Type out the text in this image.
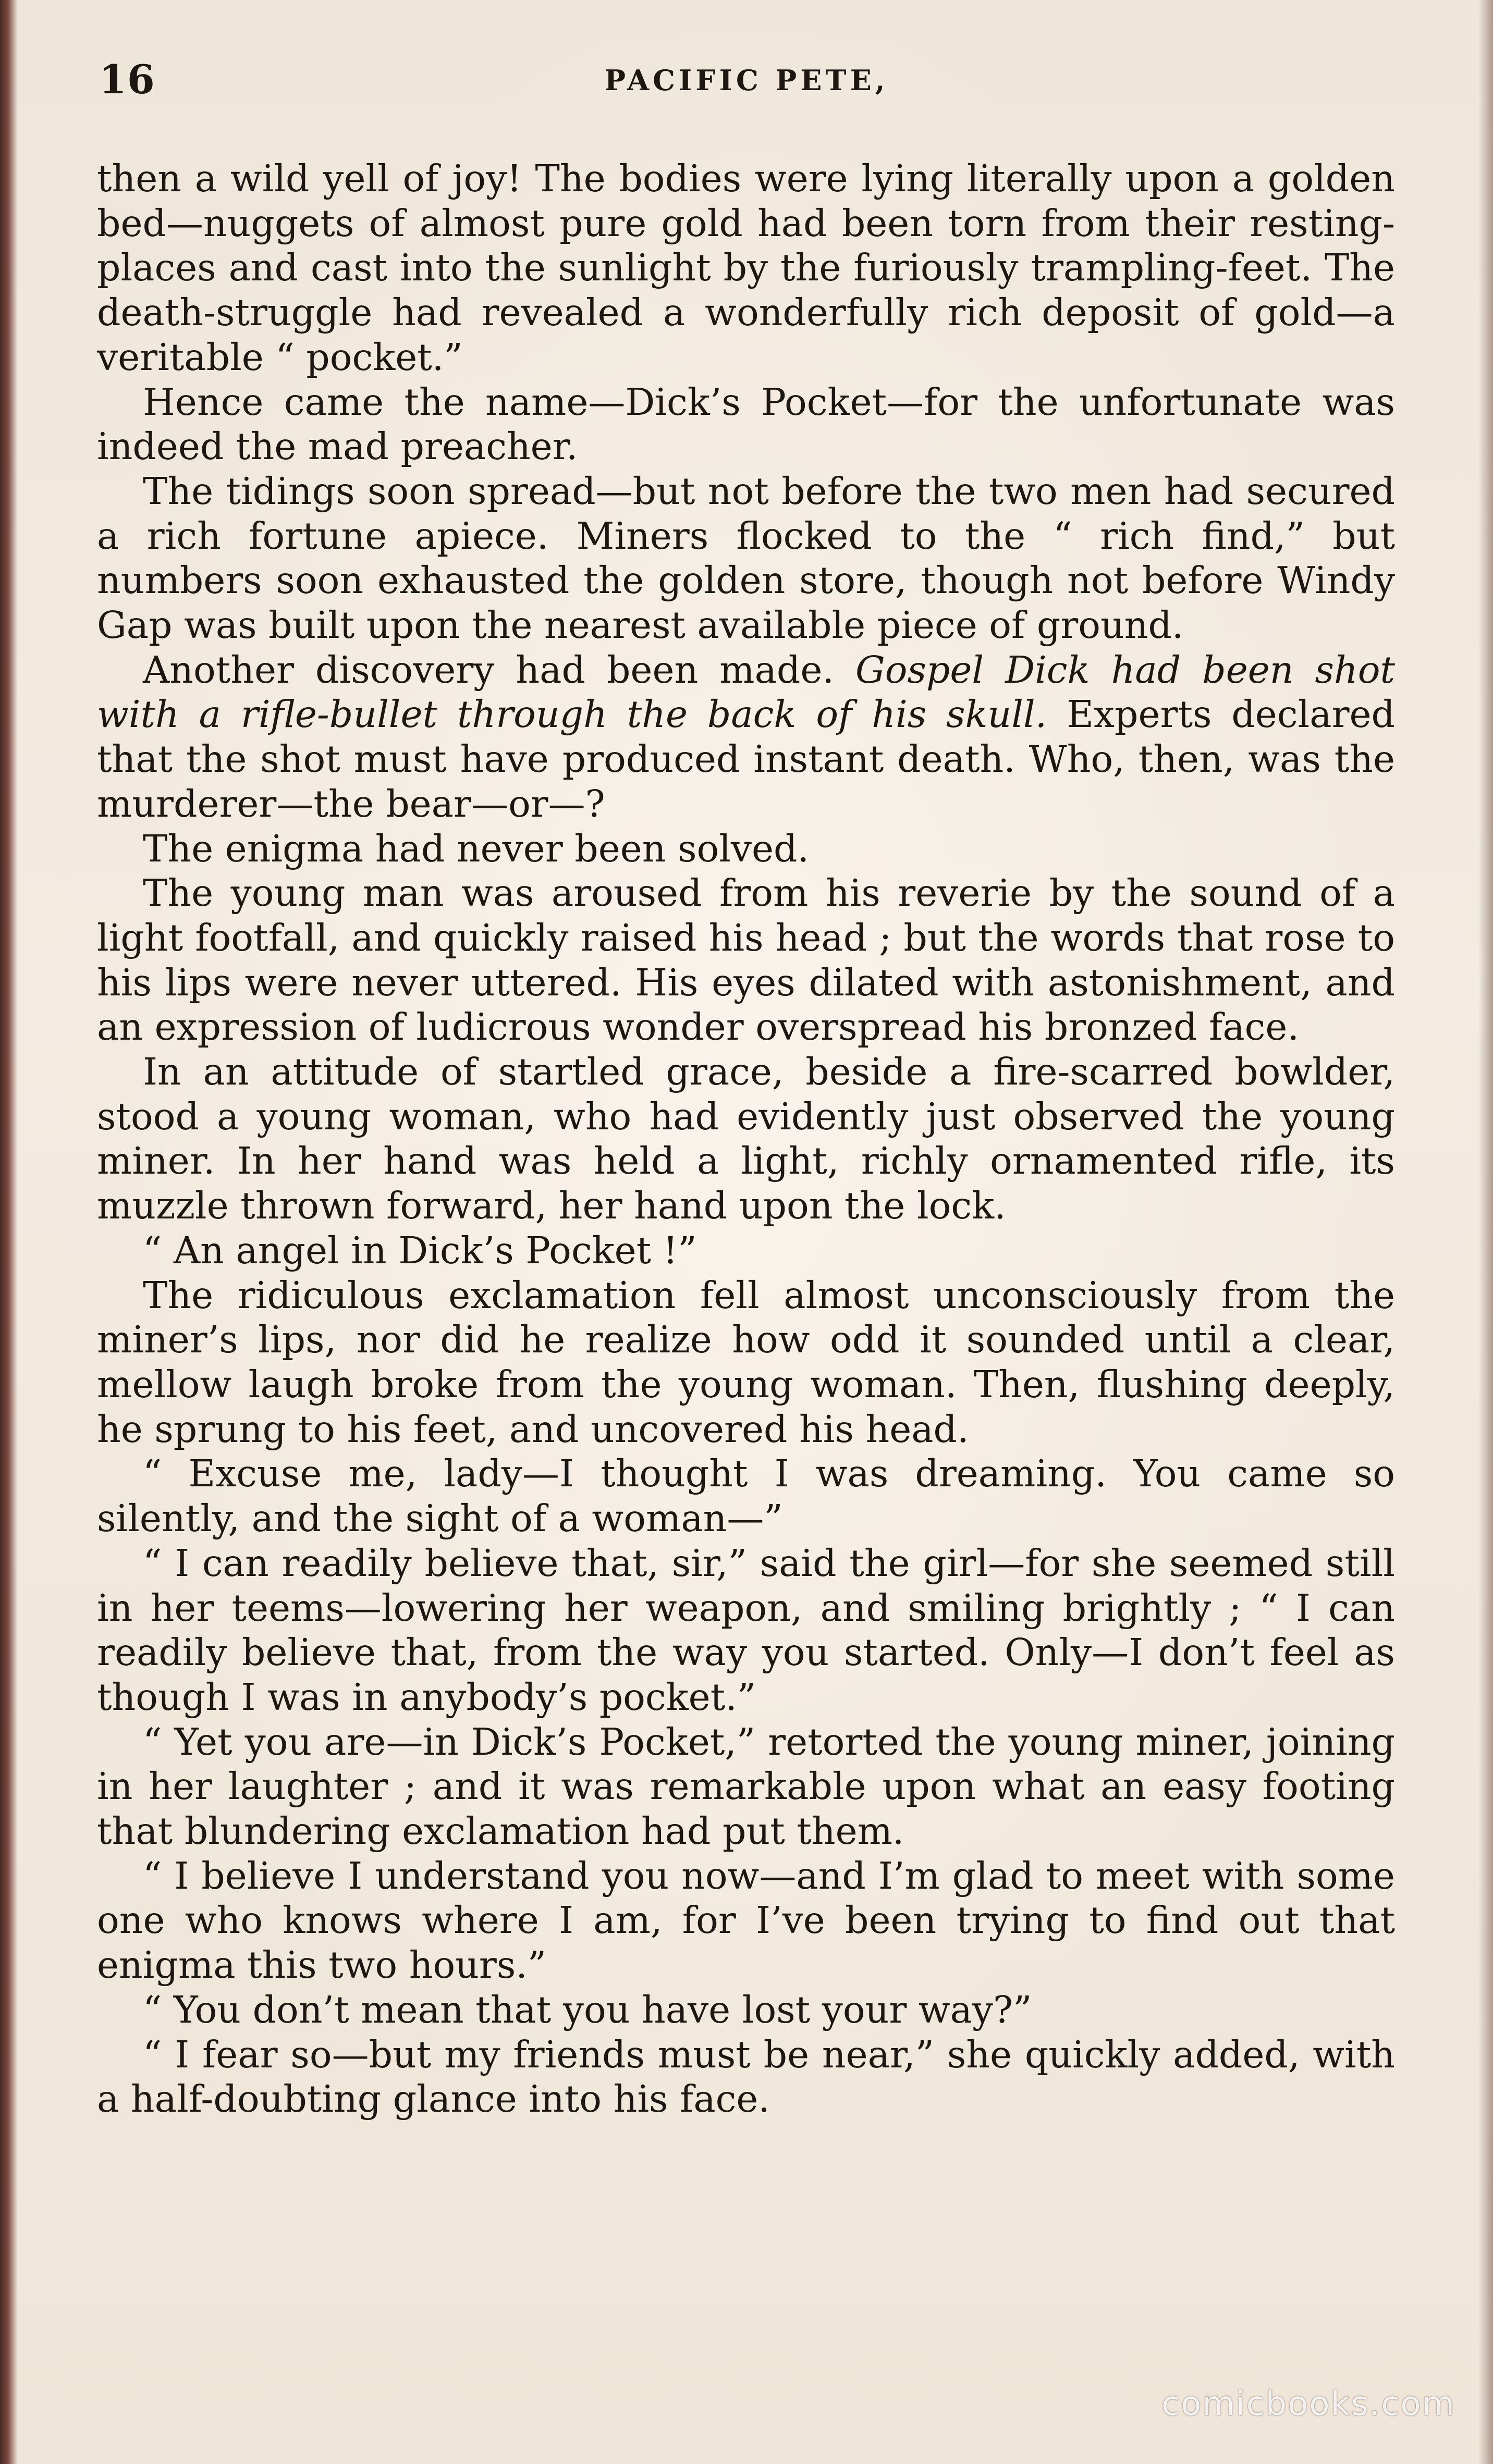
16	PACIFIC PETE,

then a wild yell of joy! The bodies were lying literally upon a golden bed—nuggets of almost pure gold had been torn from their resting-places and cast into the sunlight by the furiously trampling-feet. The death-struggle had revealed a wonderfully rich deposit of gold—a veritable “ pocket.”

Hence came the name—Dick’s Pocket—for the unfortunate was indeed the mad preacher.

The tidings soon spread—but not before the two men had secured a rich fortune apiece. Miners flocked to the “ rich find,” but numbers soon exhausted the golden store, though not before Windy Gap was built upon the nearest available piece of ground.

Another discovery had been made. Gospel Dick had been shot with a rifle-bullet through the back of his skull. Experts declared that the shot must have produced instant death. Who, then, was the murderer—the bear—or—?

The enigma had never been solved.

The young man was aroused from his reverie by the sound of a light footfall, and quickly raised his head ; but the words that rose to his lips were never uttered. His eyes dilated with astonishment, and an expression of ludicrous wonder overspread his bronzed face.

In an attitude of startled grace, beside a fire-scarred bowlder, stood a young woman, who had evidently just observed the young miner. In her hand was held a light, richly ornamented rifle, its muzzle thrown forward, her hand upon the lock.

“ An angel in Dick’s Pocket !”

The ridiculous exclamation fell almost unconsciously from the miner’s lips, nor did he realize how odd it sounded until a clear, mellow laugh broke from the young woman. Then, flushing deeply, he sprung to his feet, and uncovered his head.

“ Excuse me, lady—I thought I was dreaming. You came so silently, and the sight of a woman—”

“ I can readily believe that, sir,” said the girl—for she seemed still in her teems—lowering her weapon, and smiling brightly ; “ I can readily believe that, from the way you started. Only—I don’t feel as though I was in anybody’s pocket.”

“ Yet you are—in Dick’s Pocket,” retorted the young miner, joining in her laughter ; and it was remarkable upon what an easy footing that blundering exclamation had put them.

“ I believe I understand you now—and I’m glad to meet with some one who knows where I am, for I’ve been trying to find out that enigma this two hours.”

“ You don’t mean that you have lost your way?”

“ I fear so—but my friends must be near,” she quickly added, with a half-doubting glance into his face.

comicbooks.com
